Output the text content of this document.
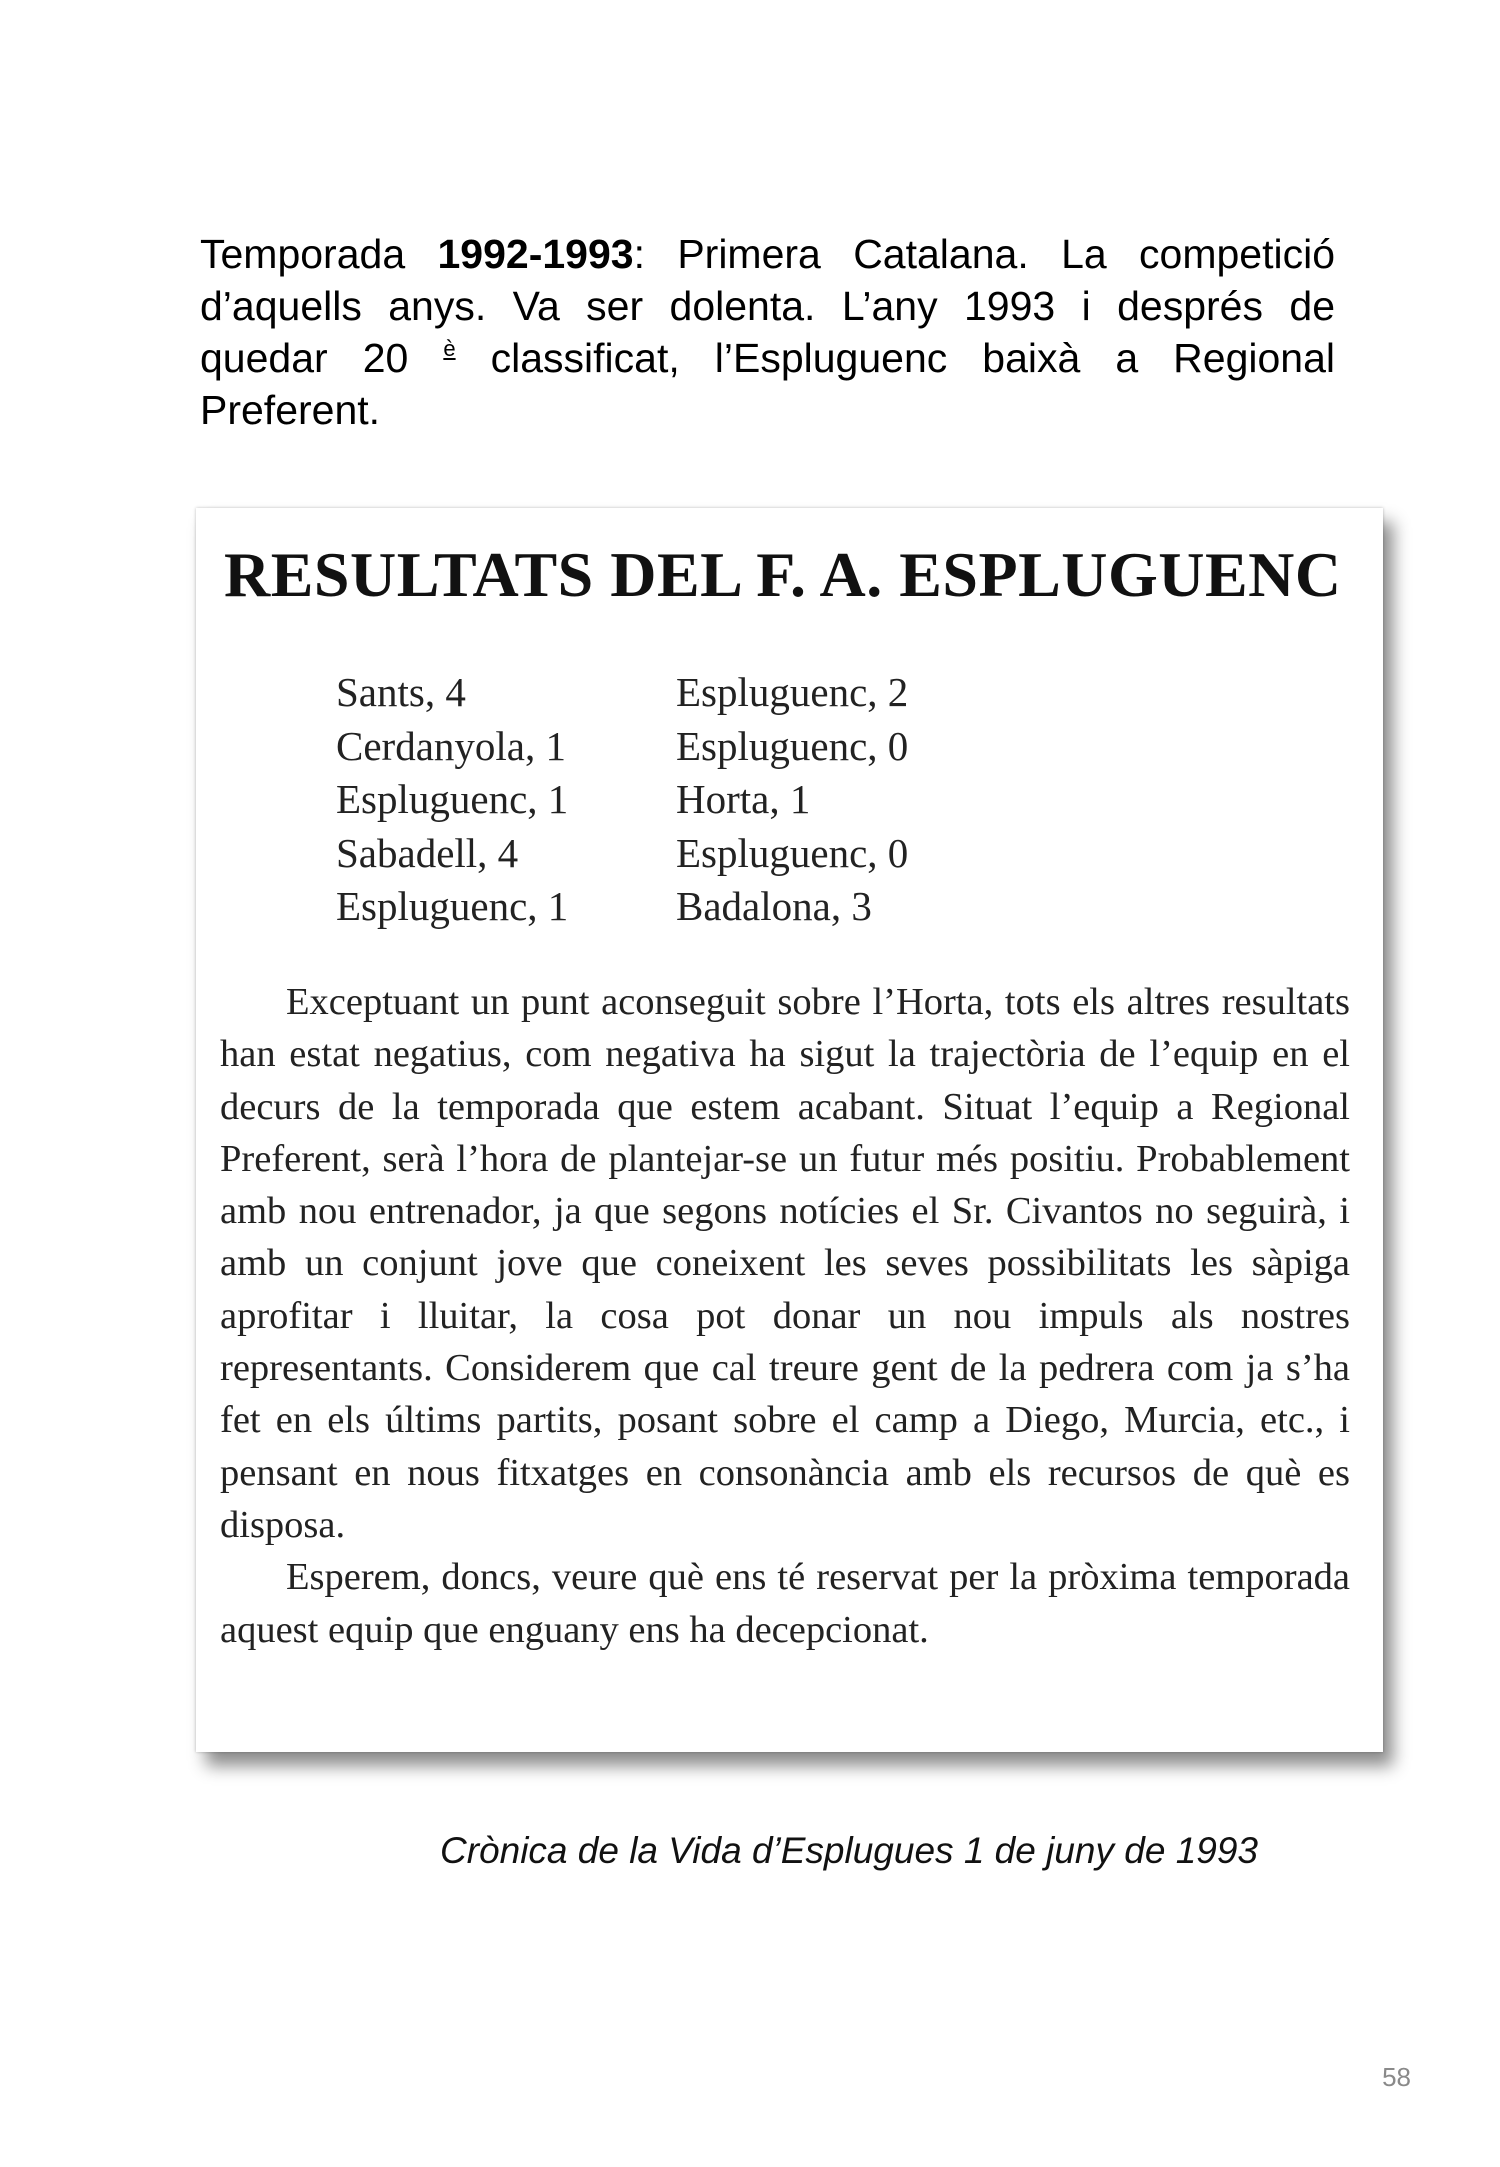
Temporada 1992-1993: Primera Catalana. La competició d’aquells anys. Va ser dolenta. L’any 1993 i després de quedar 20 $^è$ classificat, l’Espluguenc baixà a Regional Preferent.

RESULTATS DEL F. A. ESPLUGUENC
Sants, 4	Espluguenc, 2
Cerdanyola, 1	Espluguenc, 0
Espluguenc, 1	Horta, 1
Sabadell, 4	Espluguenc, 0
Espluguenc, 1	Badalona, 3

Exceptuant un punt aconseguit sobre l’Horta, tots els altres resultats han estat negatius, com negativa ha sigut la trajectòria de l’equip en el decurs de la temporada que estem acabant. Situat l’equip a Regional Preferent, serà l’hora de plantejar-se un futur més positiu. Probablement amb nou entrenador, ja que segons notícies el Sr. Civantos no seguirà, i amb un conjunt jove que coneixent les seves possibilitats les sàpiga aprofitar i lluitar, la cosa pot donar un nou impuls als nostres representants. Considerem que cal treure gent de la pedrera com ja s’ha fet en els últims partits, posant sobre el camp a Diego, Murcia, etc., i pensant en nous fitxatges en consonància amb els recursos de què es disposa.

Esperem, doncs, veure què ens té reservat per la pròxima temporada aquest equip que enguany ens ha decepcionat.

Crònica de la Vida d’Esplugues 1 de juny de 1993
58
